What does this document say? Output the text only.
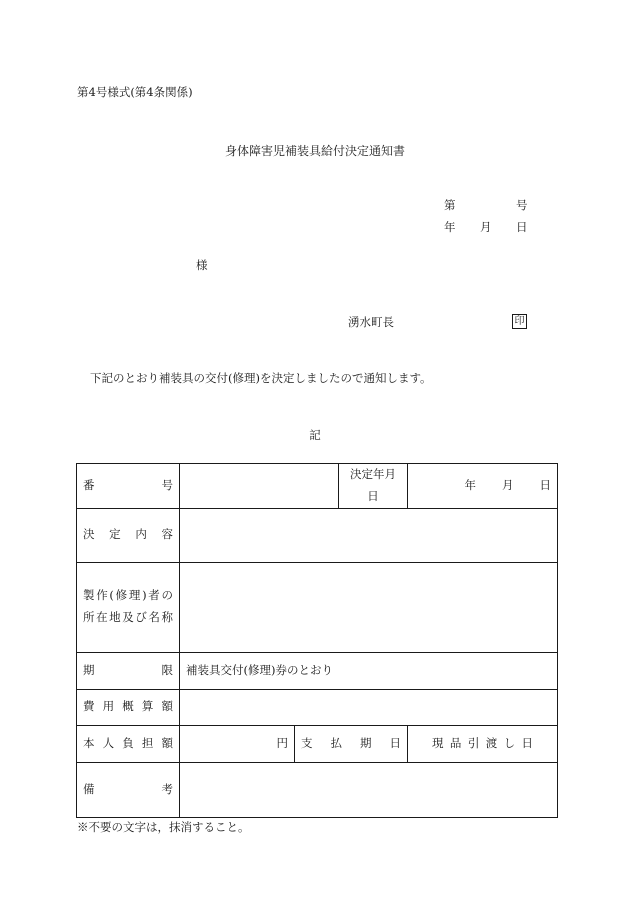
第4号様式(第4条関係)
身体障害児補装具給付決定通知書
第	号
年 月 日
様
湧水町長	印
下記のとおり補装具の交付(修理)を決定しましたので通知します。
記
番　　　　号			決定年月日	年 月 日
決　定　内　容				

製作(修理)者の
所在地及び名称				

期　　　　限	補装具交付(修理)券のとおり			
費用概算額				
本人負担額	円	支払期日		現品引渡し日
備　　　　考				
※不要の文字は，抹消すること。
